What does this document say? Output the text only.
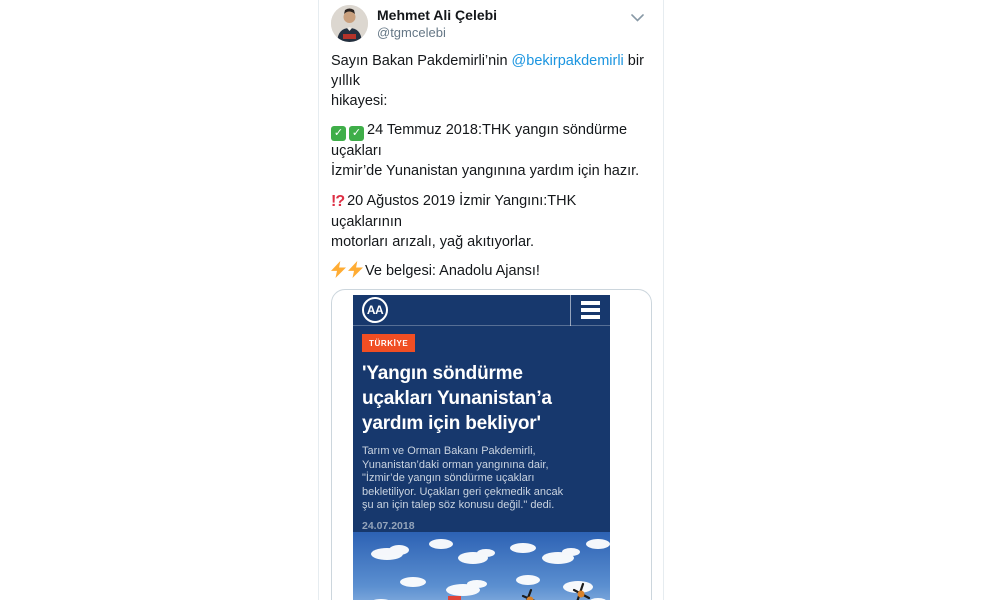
Mehmet Ali Çelebi
@tgmcelebi
Sayın Bakan Pakdemirli’nin @bekirpakdemirli bir yıllık
hikayesi:
✓ ✓24 Temmuz 2018:THK yangın söndürme uçakları
İzmir’de Yunanistan yangınına yardım için hazır.
!?20 Ağustos 2019 İzmir Yangını:THK uçaklarının
motorları arızalı, yağ akıtıyorlar.
Ve belgesi: Anadolu Ajansı!
AA
TÜRKİYE
'Yangın söndürme
uçakları Yunanistan’a
yardım için bekliyor'
Tarım ve Orman Bakanı Pakdemirli,
Yunanistan’daki orman yangınına dair,
"İzmir’de yangın söndürme uçakları
bekletiliyor. Uçakları geri çekmedik ancak
şu an için talep söz konusu değil." dedi.
24.07.2018
